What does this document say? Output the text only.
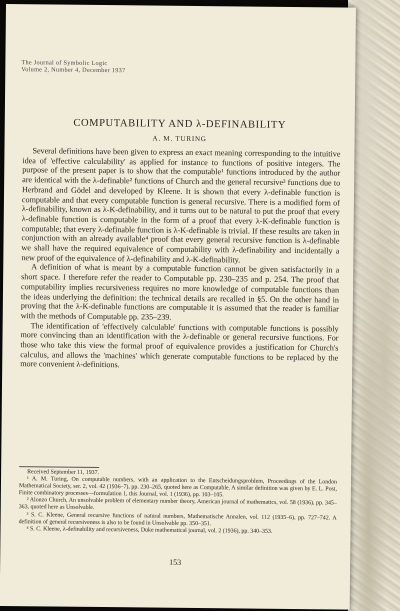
The Journal of Symbolic Logic
Volume 2, Number 4, December 1937
COMPUTABILITY AND λ-DEFINABILITY
A. M. TURING

Several definitions have been given to express an exact meaning corresponding to the intuitive idea of 'effective calculability' as applied for instance to functions of positive integers. The purpose of the present paper is to show that the computable¹ functions introduced by the author are identical with the λ-definable² functions of Church and the general recursive³ functions due to Herbrand and Gödel and developed by Kleene. It is shown that every λ-definable function is computable and that every computable function is general recursive. There is a modified form of λ-definability, known as λ-K-definability, and it turns out to be natural to put the proof that every λ-definable function is computable in the form of a proof that every λ-K-definable function is computable; that every λ-definable function is λ-K-definable is trivial. If these results are taken in conjunction with an already available⁴ proof that every general recursive function is λ-definable we shall have the required equivalence of computability with λ-definability and incidentally a new proof of the equivalence of λ-definability and λ-K-definability.

A definition of what is meant by a computable function cannot be given satisfactorily in a short space. I therefore refer the reader to Computable pp. 230–235 and p. 254. The proof that computability implies recursiveness requires no more knowledge of computable functions than the ideas underlying the definition: the technical details are recalled in §5. On the other hand in proving that the λ-K-definable functions are computable it is assumed that the reader is familiar with the methods of Computable pp. 235–239.

The identification of 'effectively calculable' functions with computable functions is possibly more convincing than an identification with the λ-definable or general recursive functions. For those who take this view the formal proof of equivalence provides a justification for Church's calculus, and allows the 'machines' which generate computable functions to be replaced by the more convenient λ-definitions.

Received September 11, 1937.

¹ A. M. Turing, On computable numbers, with an application to the Entscheidungsproblem, Proceedings of the London Mathematical Society, ser. 2, vol. 42 (1936–7), pp. 230–265, quoted here as Computable. A similar definition was given by E. L. Post, Finite combinatory processes—formulation 1, this Journal, vol. 1 (1936), pp. 103–105.

² Alonzo Church, An unsolvable problem of elementary number theory, American journal of mathematics, vol. 58 (1936), pp. 345–363, quoted here as Unsolvable.

³ S. C. Kleene, General recursive functions of natural numbers, Mathematische Annalen, vol. 112 (1935–6), pp. 727–742. A definition of general recursiveness is also to be found in Unsolvable pp. 350–351.

⁴ S. C. Kleene, λ-definability and recursiveness, Duke mathematical journal, vol. 2 (1936), pp. 340–353.

153
